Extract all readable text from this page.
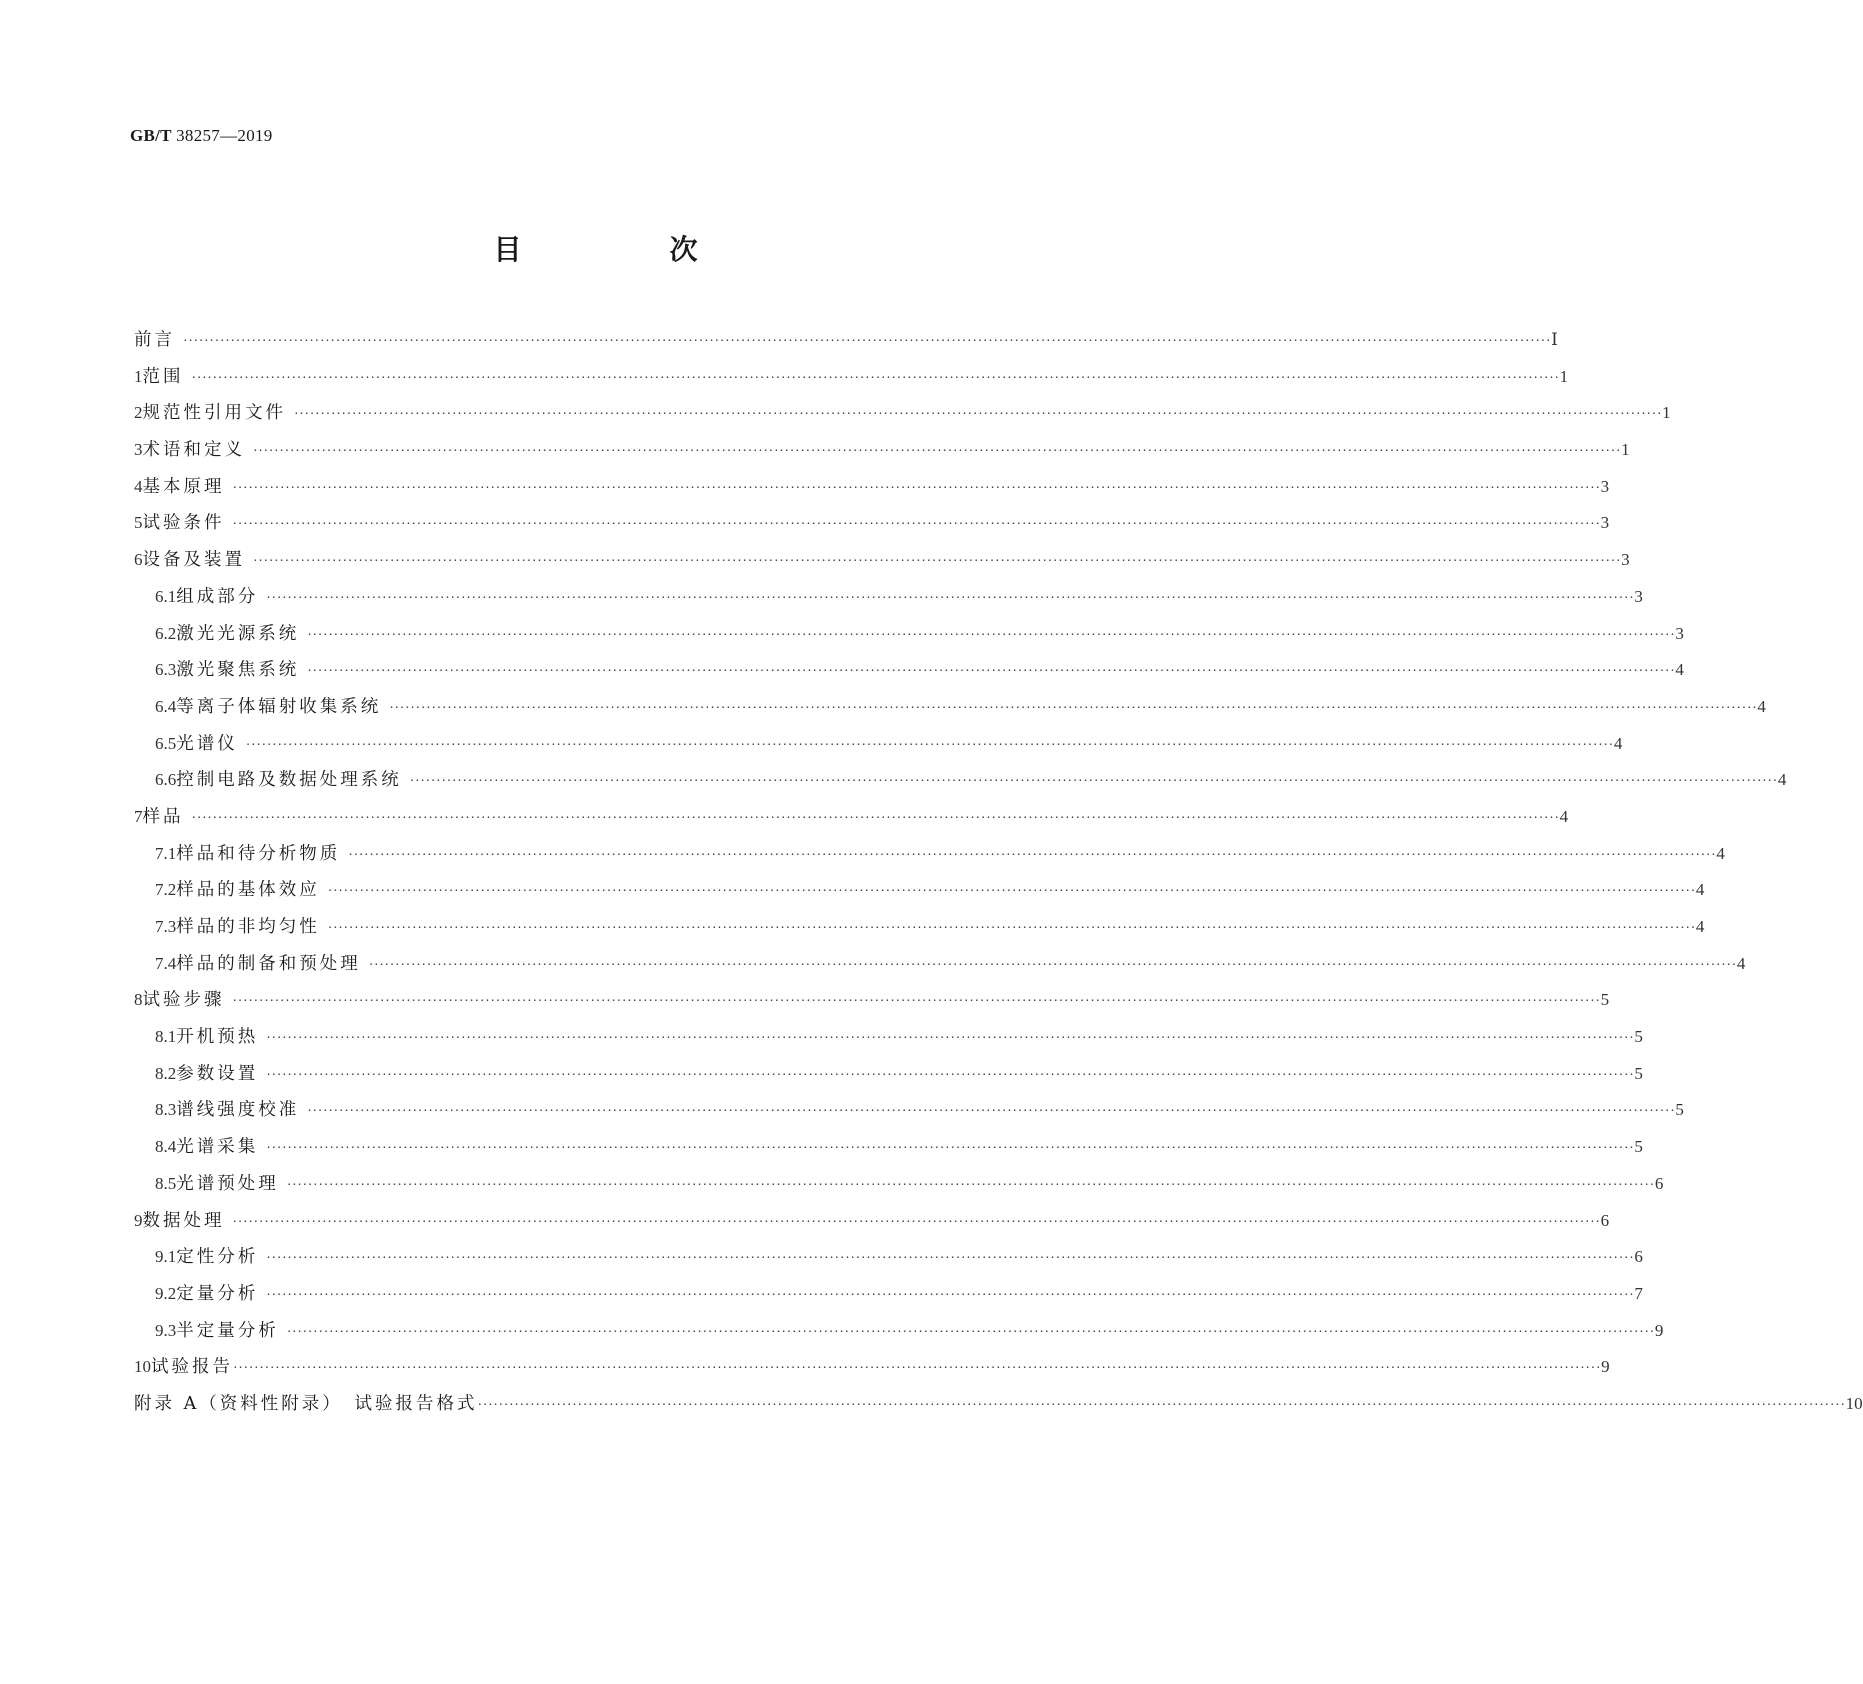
GB/T 38257—2019
目　次
前言 ···································································································································································································································································· Ⅰ
1 范围 ···································································································································································································································································· 1
2 规范性引用文件 ···································································································································································································································································· 1
3 术语和定义 ···································································································································································································································································· 1
4 基本原理 ···································································································································································································································································· 3
5 试验条件 ···································································································································································································································································· 3
6 设备及装置 ···································································································································································································································································· 3
6.1 组成部分 ···································································································································································································································································· 3
6.2 激光光源系统 ···································································································································································································································································· 3
6.3 激光聚焦系统 ···································································································································································································································································· 4
6.4 等离子体辐射收集系统 ···································································································································································································································································· 4
6.5 光谱仪 ···································································································································································································································································· 4
6.6 控制电路及数据处理系统 ···································································································································································································································································· 4
7 样品 ···································································································································································································································································· 4
7.1 样品和待分析物质 ···································································································································································································································································· 4
7.2 样品的基体效应 ···································································································································································································································································· 4
7.3 样品的非均匀性 ···································································································································································································································································· 4
7.4 样品的制备和预处理 ···································································································································································································································································· 4
8 试验步骤 ···································································································································································································································································· 5
8.1 开机预热 ···································································································································································································································································· 5
8.2 参数设置 ···································································································································································································································································· 5
8.3 谱线强度校准 ···································································································································································································································································· 5
8.4 光谱采集 ···································································································································································································································································· 5
8.5 光谱预处理 ···································································································································································································································································· 6
9 数据处理 ···································································································································································································································································· 6
9.1 定性分析 ···································································································································································································································································· 6
9.2 定量分析 ···································································································································································································································································· 7
9.3 半定量分析 ···································································································································································································································································· 9
10 试验报告 ···································································································································································································································································· 9
附录 A（资料性附录）　试验报告格式 ···································································································································································································································································· 10
